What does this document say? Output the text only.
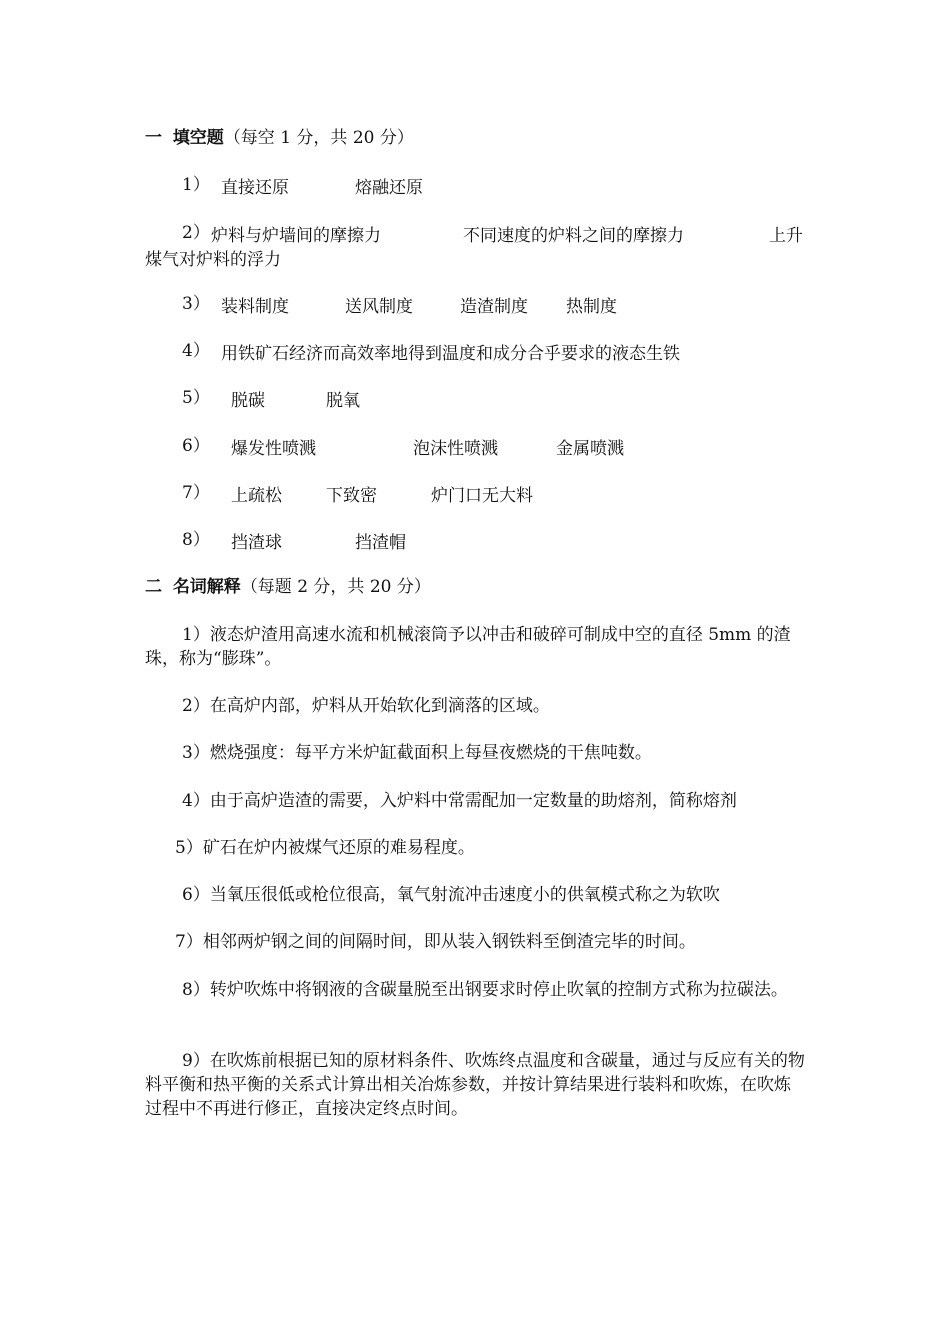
一 填空题（每空 1 分，共 20 分）
1） 直接还原	熔融还原
2） 炉料与炉墙间的摩擦力	不同速度的炉料之间的摩擦力	上升
煤气对炉料的浮力
3） 装料制度	送风制度	造渣制度 热制度
4） 用铁矿石经济而高效率地得到温度和成分合乎要求的液态生铁
5） 脱碳	脱氧
6） 爆发性喷溅	泡沫性喷溅	金属喷溅
7） 上疏松	下致密	炉门口无大料
8） 挡渣球	挡渣帽
二 名词解释（每题 2 分，共 20 分）
1）液态炉渣用高速水流和机械滚筒予以冲击和破碎可制成中空的直径 5mm 的渣珠，称为“膨珠”。
2）在高炉内部，炉料从开始软化到滴落的区域。
3）燃烧强度：每平方米炉缸截面积上每昼夜燃烧的干焦吨数。
4）由于高炉造渣的需要，入炉料中常需配加一定数量的助熔剂，简称熔剂
5）矿石在炉内被煤气还原的难易程度。
6）当氧压很低或枪位很高，氧气射流冲击速度小的供氧模式称之为软吹
7）相邻两炉钢之间的间隔时间，即从装入钢铁料至倒渣完毕的时间。
8）转炉吹炼中将钢液的含碳量脱至出钢要求时停止吹氧的控制方式称为拉碳法。
9）在吹炼前根据已知的原材料条件、吹炼终点温度和含碳量，通过与反应有关的物料平衡和热平衡的关系式计算出相关冶炼参数，并按计算结果进行装料和吹炼，在吹炼过程中不再进行修正，直接决定终点时间。
